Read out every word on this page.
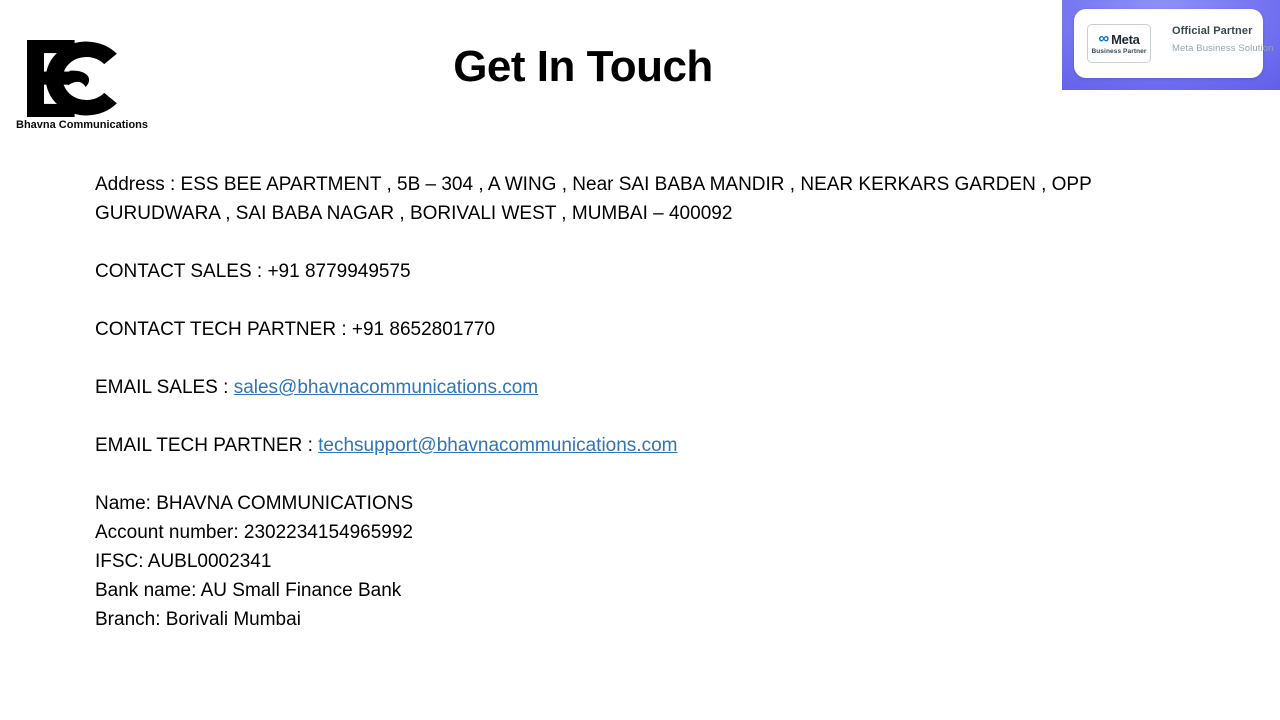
Bhavna Communications
Get In Touch
∞ Meta
Business Partner
Official Partner
Meta Business Solution

Address : ESS BEE APARTMENT , 5B – 304 , A WING , Near SAI BABA MANDIR , NEAR KERKARS GARDEN , OPP
GURUDWARA , SAI BABA NAGAR , BORIVALI WEST , MUMBAI – 400092

CONTACT SALES : +91 8779949575

CONTACT TECH PARTNER : +91 8652801770

EMAIL SALES : sales@bhavnacommunications.com

EMAIL TECH PARTNER : techsupport@bhavnacommunications.com

Name: BHAVNA COMMUNICATIONS

Account number: 2302234154965992

IFSC: AUBL0002341

Bank name: AU Small Finance Bank

Branch: Borivali Mumbai
